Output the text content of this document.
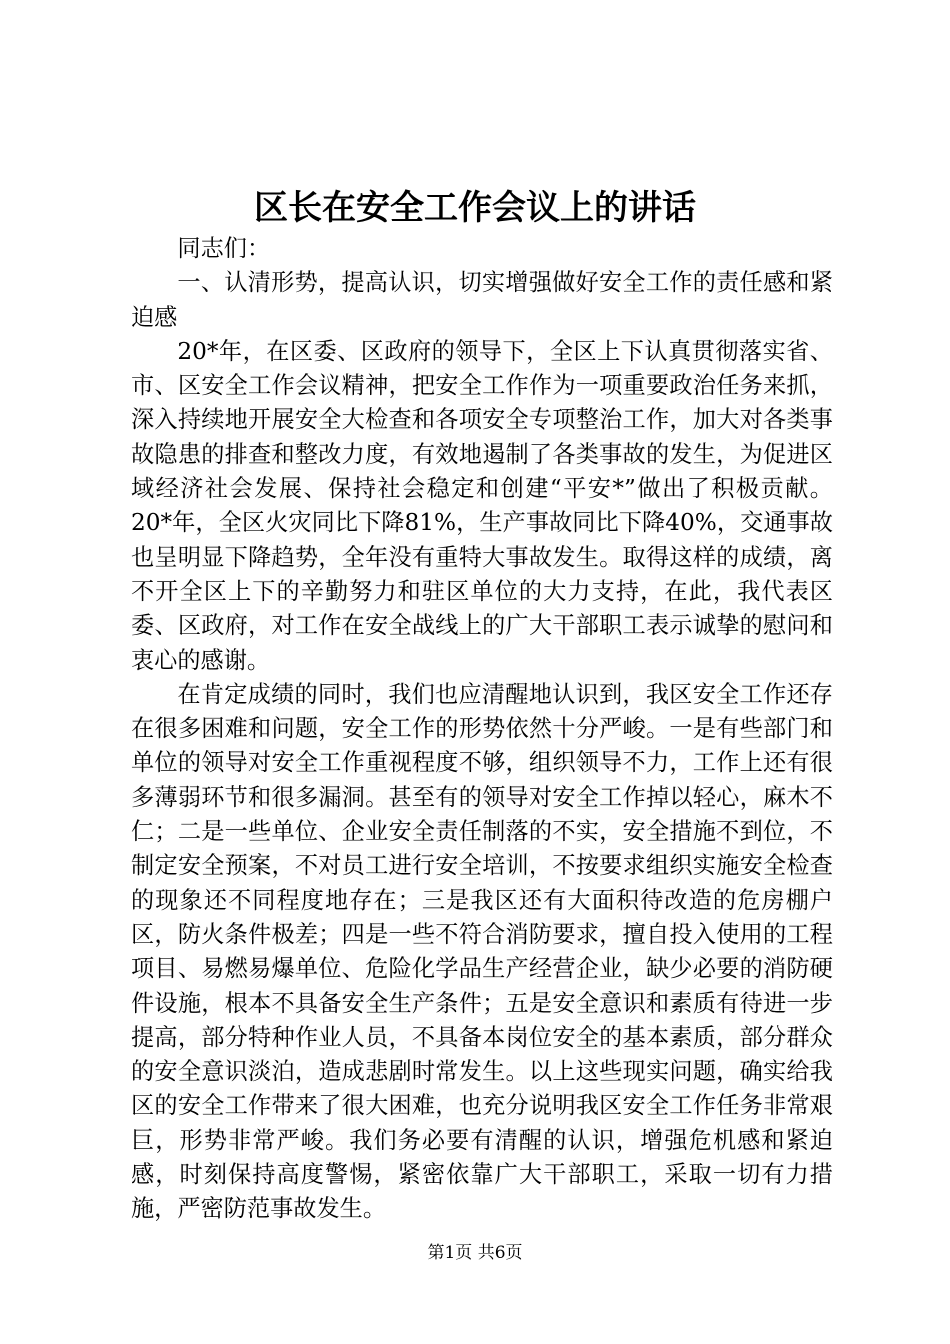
区长在安全工作会议上的讲话

同志们：

一、认清形势，提高认识，切实增强做好安全工作的责任感和紧迫感

20*年，在区委、区政府的领导下，全区上下认真贯彻落实省、市、区安全工作会议精神，把安全工作作为一项重要政治任务来抓，深入持续地开展安全大检查和各项安全专项整治工作，加大对各类事故隐患的排查和整改力度，有效地遏制了各类事故的发生，为促进区域经济社会发展、保持社会稳定和创建“平安*”做出了积极贡献。20*年，全区火灾同比下降81%，生产事故同比下降40%，交通事故也呈明显下降趋势，全年没有重特大事故发生。取得这样的成绩，离不开全区上下的辛勤努力和驻区单位的大力支持，在此，我代表区委、区政府，对工作在安全战线上的广大干部职工表示诚挚的慰问和衷心的感谢。

在肯定成绩的同时，我们也应清醒地认识到，我区安全工作还存在很多困难和问题，安全工作的形势依然十分严峻。一是有些部门和单位的领导对安全工作重视程度不够，组织领导不力，工作上还有很多薄弱环节和很多漏洞。甚至有的领导对安全工作掉以轻心，麻木不仁；二是一些单位、企业安全责任制落的不实，安全措施不到位，不制定安全预案，不对员工进行安全培训，不按要求组织实施安全检查的现象还不同程度地存在；三是我区还有大面积待改造的危房棚户区，防火条件极差；四是一些不符合消防要求，擅自投入使用的工程项目、易燃易爆单位、危险化学品生产经营企业，缺少必要的消防硬件设施，根本不具备安全生产条件；五是安全意识和素质有待进一步提高，部分特种作业人员，不具备本岗位安全的基本素质，部分群众的安全意识淡泊，造成悲剧时常发生。以上这些现实问题，确实给我区的安全工作带来了很大困难，也充分说明我区安全工作任务非常艰巨，形势非常严峻。我们务必要有清醒的认识，增强危机感和紧迫感，时刻保持高度警惕，紧密依靠广大干部职工，采取一切有力措施，严密防范事故发生。

第1页 共6页
